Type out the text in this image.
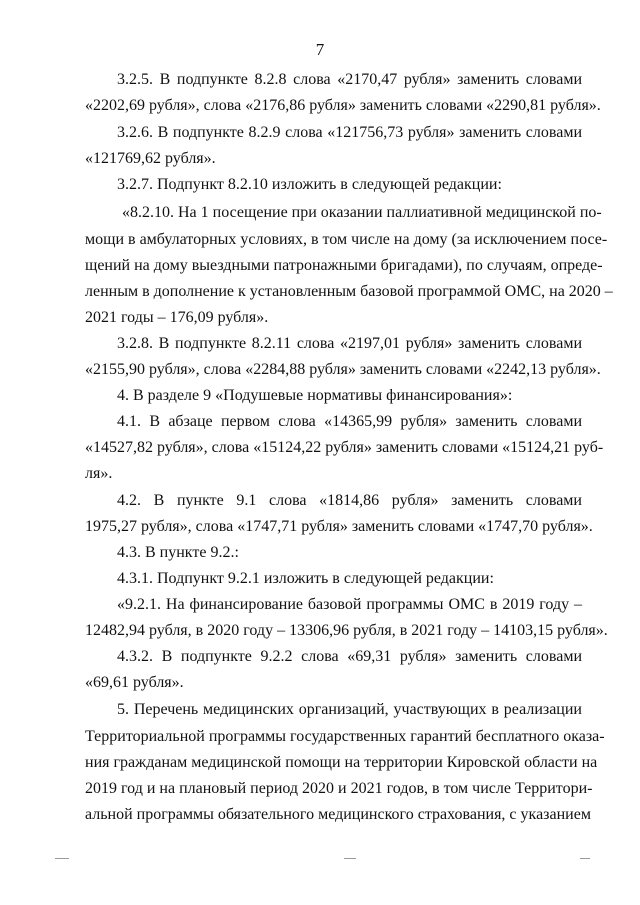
7
3.2.5. В подпункте 8.2.8 слова «2170,47 рубля» заменить словами
«2202,69 рубля», слова «2176,86 рубля» заменить словами «2290,81 рубля».
3.2.6. В подпункте 8.2.9 слова «121756,73 рубля» заменить словами
«121769,62 рубля».
3.2.7. Подпункт 8.2.10 изложить в следующей редакции:
«8.2.10. На 1 посещение при оказании паллиативной медицинской по-
мощи в амбулаторных условиях, в том числе на дому (за исключением посе-
щений на дому выездными патронажными бригадами), по случаям, опреде-
ленным в дополнение к установленным базовой программой ОМС, на 2020 –
2021 годы – 176,09 рубля».
3.2.8. В подпункте 8.2.11 слова «2197,01 рубля» заменить словами
«2155,90 рубля», слова «2284,88 рубля» заменить словами «2242,13 рубля».
4. В разделе 9 «Подушевые нормативы финансирования»:
4.1. В абзаце первом слова «14365,99 рубля» заменить словами
«14527,82 рубля», слова «15124,22 рубля» заменить словами «15124,21 руб-
ля».
4.2. В пункте 9.1 слова «1814,86 рубля» заменить словами
1975,27 рубля», слова «1747,71 рубля» заменить словами «1747,70 рубля».
4.3. В пункте 9.2.:
4.3.1. Подпункт 9.2.1 изложить в следующей редакции:
«9.2.1. На финансирование базовой программы ОМС в 2019 году –
12482,94 рубля, в 2020 году – 13306,96 рубля, в 2021 году – 14103,15 рубля».
4.3.2. В подпункте 9.2.2 слова «69,31 рубля» заменить словами
«69,61 рубля».
5. Перечень медицинских организаций, участвующих в реализации
Территориальной программы государственных гарантий бесплатного оказа-
ния гражданам медицинской помощи на территории Кировской области на
2019 год и на плановый период 2020 и 2021 годов, в том числе Территори-
альной программы обязательного медицинского страхования, с указанием
